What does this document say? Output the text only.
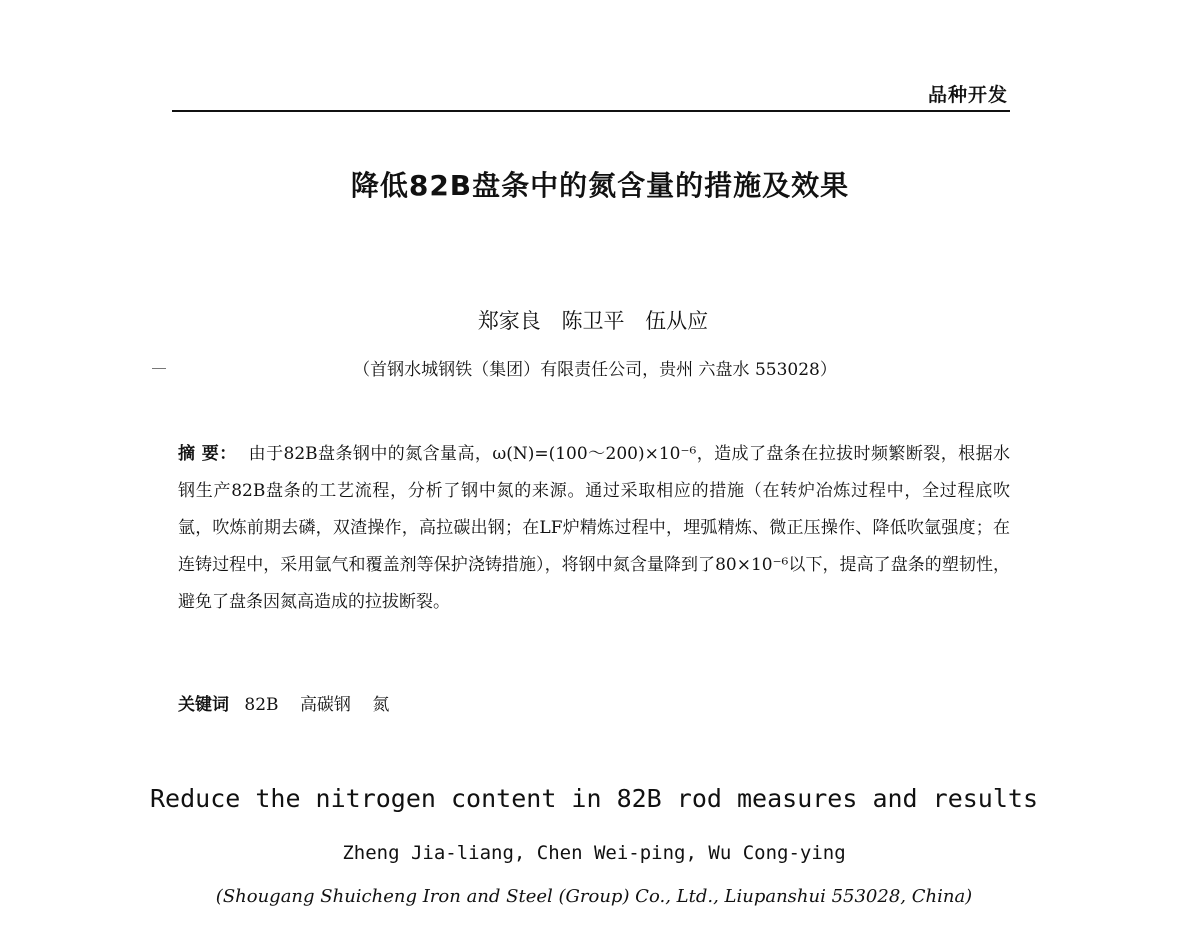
品种开发
降低82B盘条中的氮含量的措施及效果
郑家良 陈卫平 伍从应
（首钢水城钢铁（集团）有限责任公司，贵州 六盘水 553028）
摘 要： 由于82B盘条钢中的氮含量高，ω(N)=(100～200)×10⁻⁶，造成了盘条在拉拔时频繁断裂，根据水钢生产82B盘条的工艺流程，分析了钢中氮的来源。通过采取相应的措施（在转炉冶炼过程中，全过程底吹氩，吹炼前期去磷，双渣操作，高拉碳出钢；在LF炉精炼过程中，埋弧精炼、微正压操作、降低吹氩强度；在连铸过程中，采用氩气和覆盖剂等保护浇铸措施），将钢中氮含量降到了80×10⁻⁶以下，提高了盘条的塑韧性，避免了盘条因氮高造成的拉拔断裂。
关键词 82B 高碳钢 氮
Reduce the nitrogen content in 82B rod measures and results
Zheng Jia-liang, Chen Wei-ping, Wu Cong-ying
(Shougang Shuicheng Iron and Steel (Group) Co., Ltd., Liupanshui 553028, China)
